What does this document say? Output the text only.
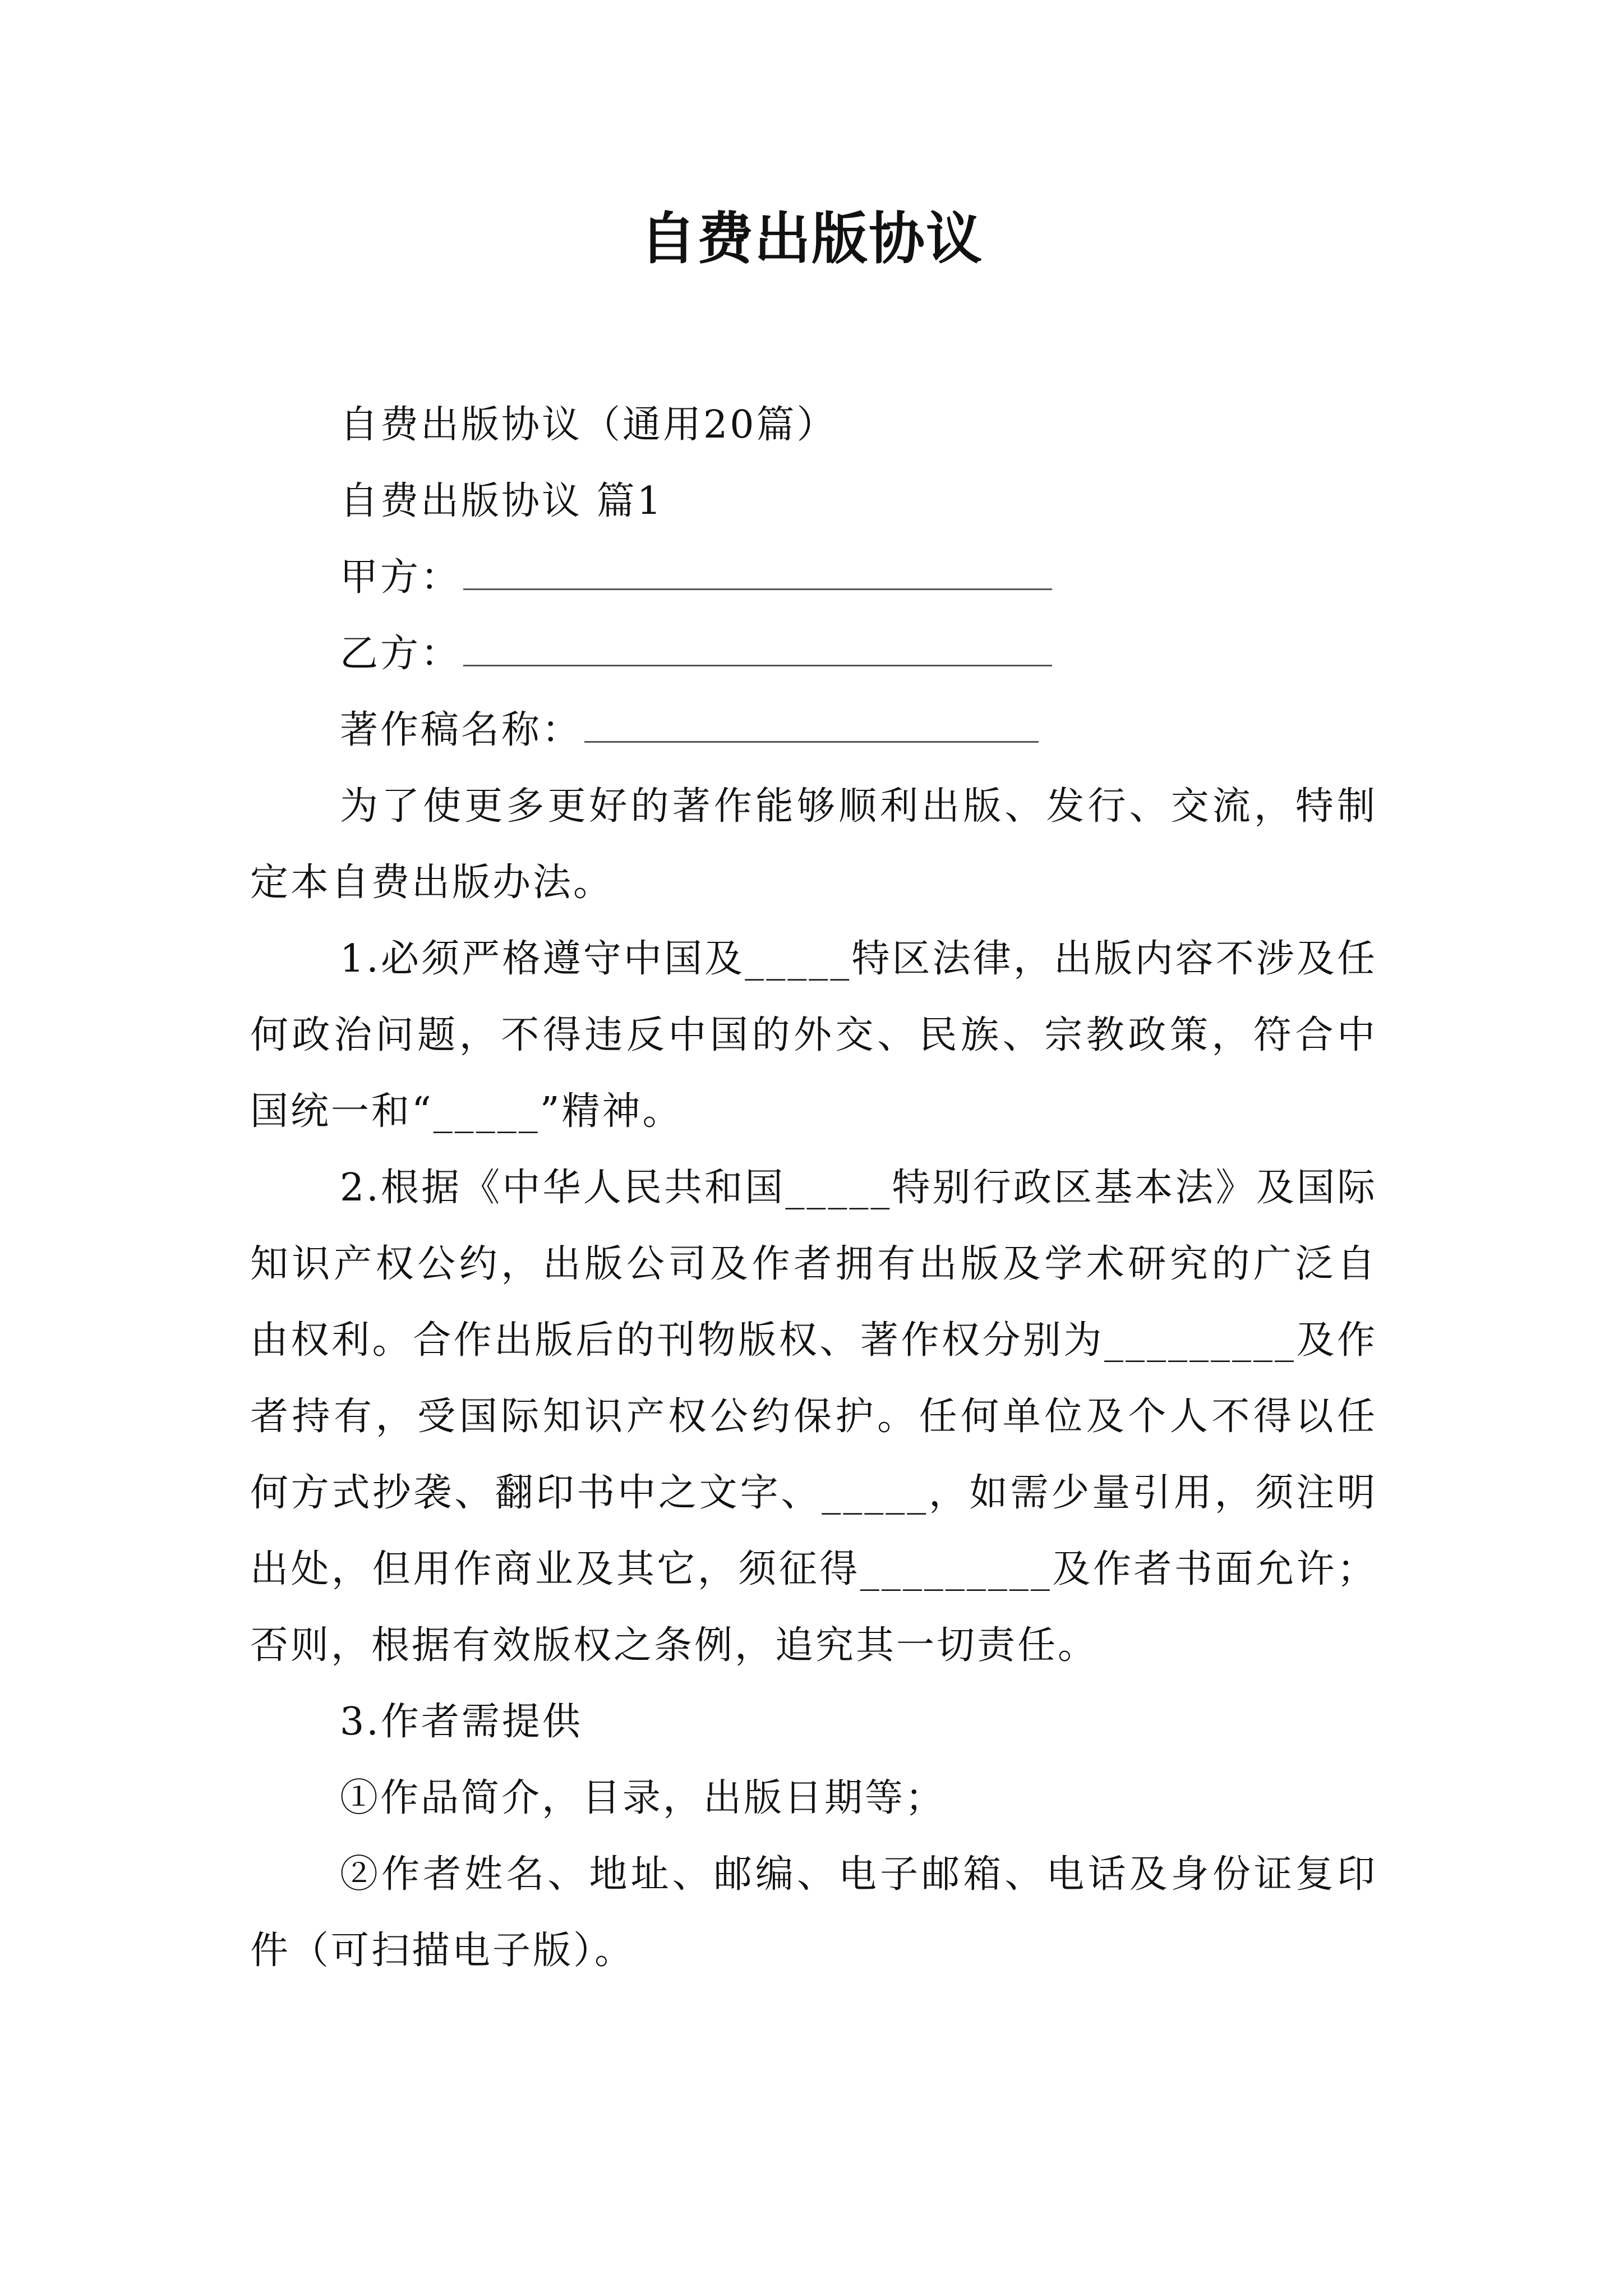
自费出版协议
自费出版协议（通用20篇）
自费出版协议 篇1
甲方：
乙方：
著作稿名称：

为了使更多更好的著作能够顺利出版、发行、交流，特制定本自费出版办法。

1.必须严格遵守中国及_____特区法律，出版内容不涉及任何政治问题，不得违反中国的外交、民族、宗教政策，符合中国统一和“_____”精神。

2.根据《中华人民共和国_____特别行政区基本法》及国际知识产权公约，出版公司及作者拥有出版及学术研究的广泛自由权利。合作出版后的刊物版权、著作权分别为_________及作者持有，受国际知识产权公约保护。任何单位及个人不得以任何方式抄袭、翻印书中之文字、_____，如需少量引用，须注明出处，但用作商业及其它，须征得_________及作者书面允许；否则，根据有效版权之条例，追究其一切责任。

3.作者需提供

①作品简介，目录，出版日期等；

②作者姓名、地址、邮编、电子邮箱、电话及身份证复印件（可扫描电子版）。
